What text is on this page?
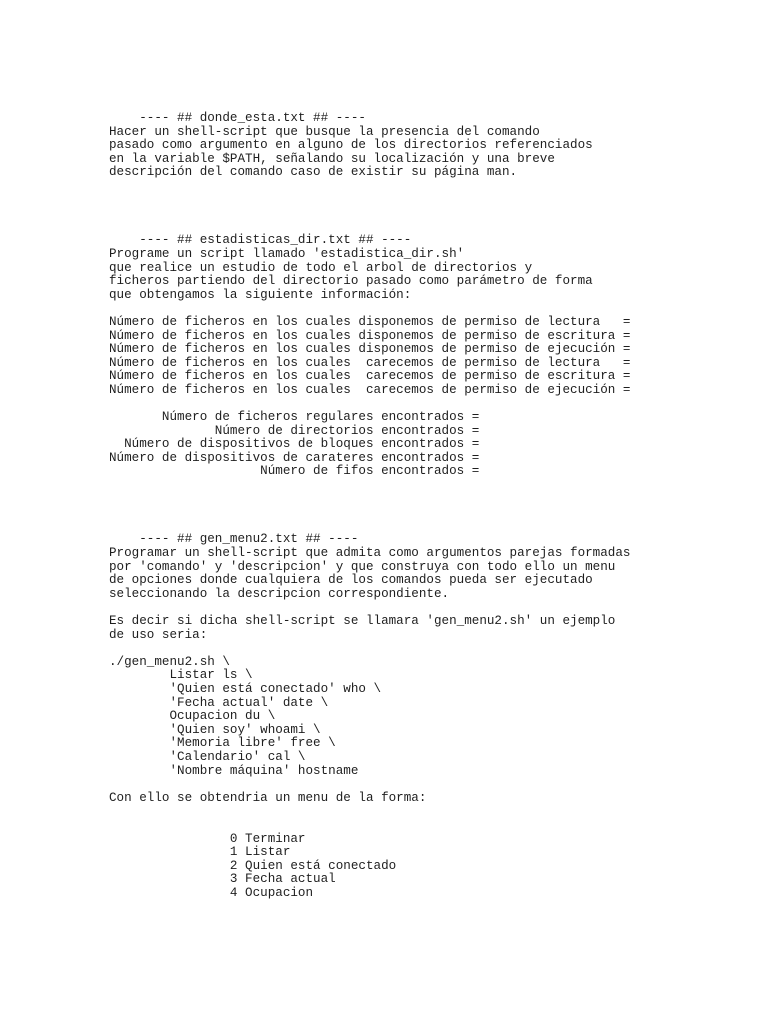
---- ## donde_esta.txt ## ----
Hacer un shell-script que busque la presencia del comando
pasado como argumento en alguno de los directorios referenciados
en la variable $PATH, señalando su localización y una breve
descripción del comando caso de existir su página man.
---- ## estadisticas_dir.txt ## ----
Programe un script llamado 'estadistica_dir.sh'
que realice un estudio de todo el arbol de directorios y
ficheros partiendo del directorio pasado como parámetro de forma
que obtengamos la siguiente información:
Número de ficheros en los cuales disponemos de permiso de lectura   =
Número de ficheros en los cuales disponemos de permiso de escritura =
Número de ficheros en los cuales disponemos de permiso de ejecución =
Número de ficheros en los cuales  carecemos de permiso de lectura   =
Número de ficheros en los cuales  carecemos de permiso de escritura =
Número de ficheros en los cuales  carecemos de permiso de ejecución =
Número de ficheros regulares encontrados =
Número de directorios encontrados =
Número de dispositivos de bloques encontrados =
Número de dispositivos de carateres encontrados =
Número de fifos encontrados =
---- ## gen_menu2.txt ## ----
Programar un shell-script que admita como argumentos parejas formadas
por 'comando' y 'descripcion' y que construya con todo ello un menu
de opciones donde cualquiera de los comandos pueda ser ejecutado
seleccionando la descripcion correspondiente.
Es decir si dicha shell-script se llamara 'gen_menu2.sh' un ejemplo
de uso seria:
./gen_menu2.sh \
Listar ls \
'Quien está conectado' who \
'Fecha actual' date \
Ocupacion du \
'Quien soy' whoami \
'Memoria libre' free \
'Calendario' cal \
'Nombre máquina' hostname
Con ello se obtendria un menu de la forma:
0 Terminar
1 Listar
2 Quien está conectado
3 Fecha actual
4 Ocupacion
